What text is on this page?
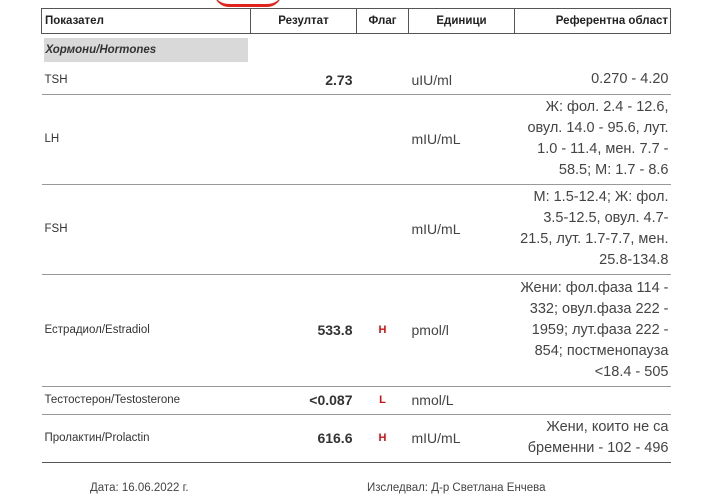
Показател	Резултат	Флаг	Единици	Референтна област
Хормони/Hormones				
TSH	2.73		uIU/ml	0.270 - 4.20

LH			mIU/mL	Ж: фол. 2.4 - 12.6,
овул. 14.0 - 95.6, лут.
1.0 - 11.4, мен. 7.7 -
58.5; М: 1.7 - 8.6

FSH			mIU/mL	М: 1.5-12.4; Ж: фол.
3.5-12.5, овул. 4.7-
21.5, лут. 1.7-7.7, мен.
25.8-134.8

Естрадиол/Estradiol	533.8	H	pmol/l	Жени: фол.фаза 114 -
332; овул.фаза 222 -
1959; лут.фаза 222 -
854; постменопауза
<18.4 - 505

Тестостерон/Testosterone	<0.087	L	nmol/L	
Пролактин/Prolactin	616.6	H	mIU/mL	Жени, които не са
бременни - 102 - 496
Дата: 16.06.2022 г.	Изследвал: Д-р Светлана Енчева
